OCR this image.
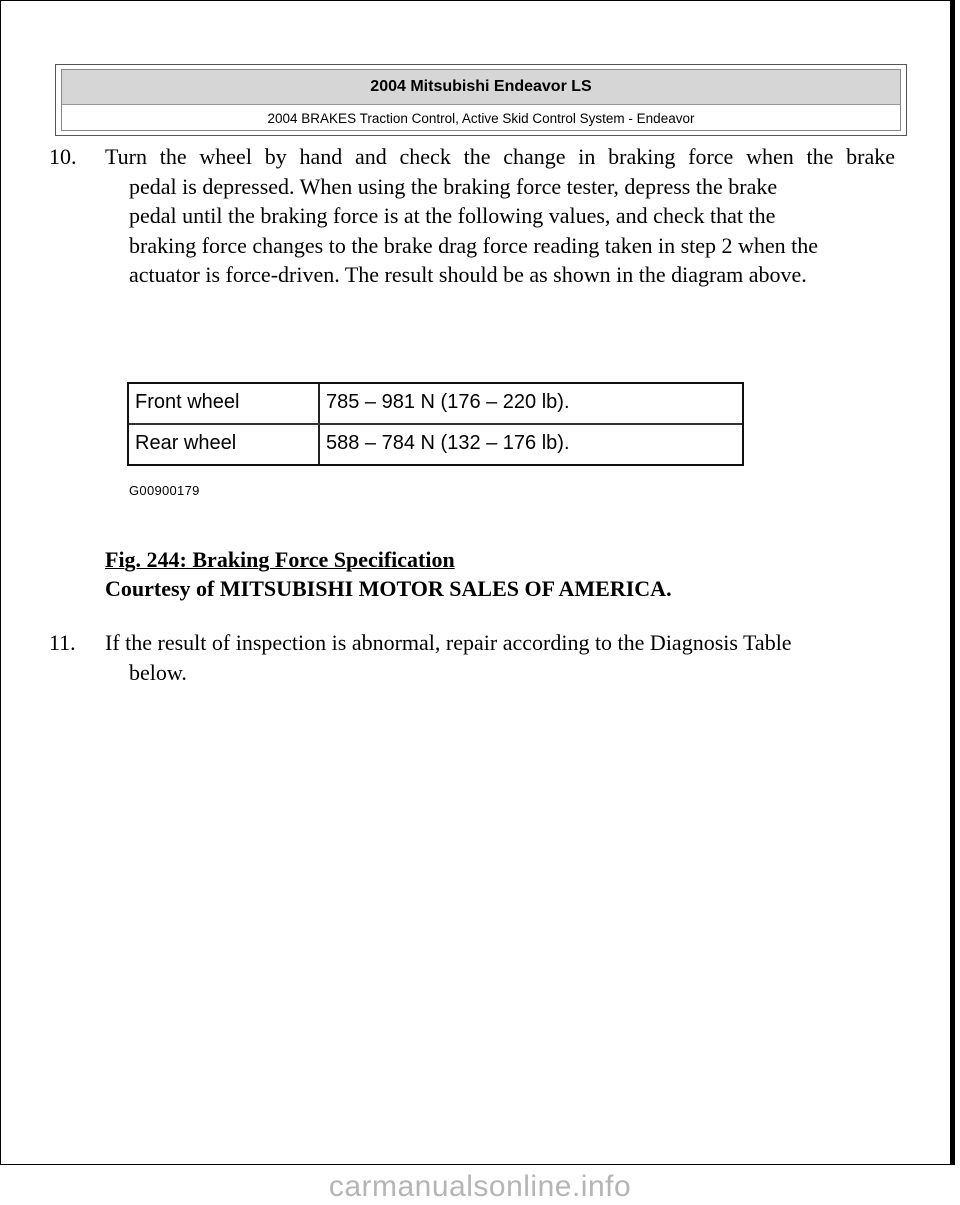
2004 Mitsubishi Endeavor LS
2004 BRAKES Traction Control, Active Skid Control System - Endeavor
10. Turn the wheel by hand and check the change in braking force when the brake
pedal is depressed. When using the braking force tester, depress the brake
pedal until the braking force is at the following values, and check that the
braking force changes to the brake drag force reading taken in step 2 when the
actuator is force-driven. The result should be as shown in the diagram above.
Front wheel	785 – 981 N (176 – 220 lb).
Rear wheel	588 – 784 N (132 – 176 lb).
G00900179
Fig. 244: Braking Force Specification
Courtesy of MITSUBISHI MOTOR SALES OF AMERICA.
11. If the result of inspection is abnormal, repair according to the Diagnosis Table
below.
carmanualsonline.info
